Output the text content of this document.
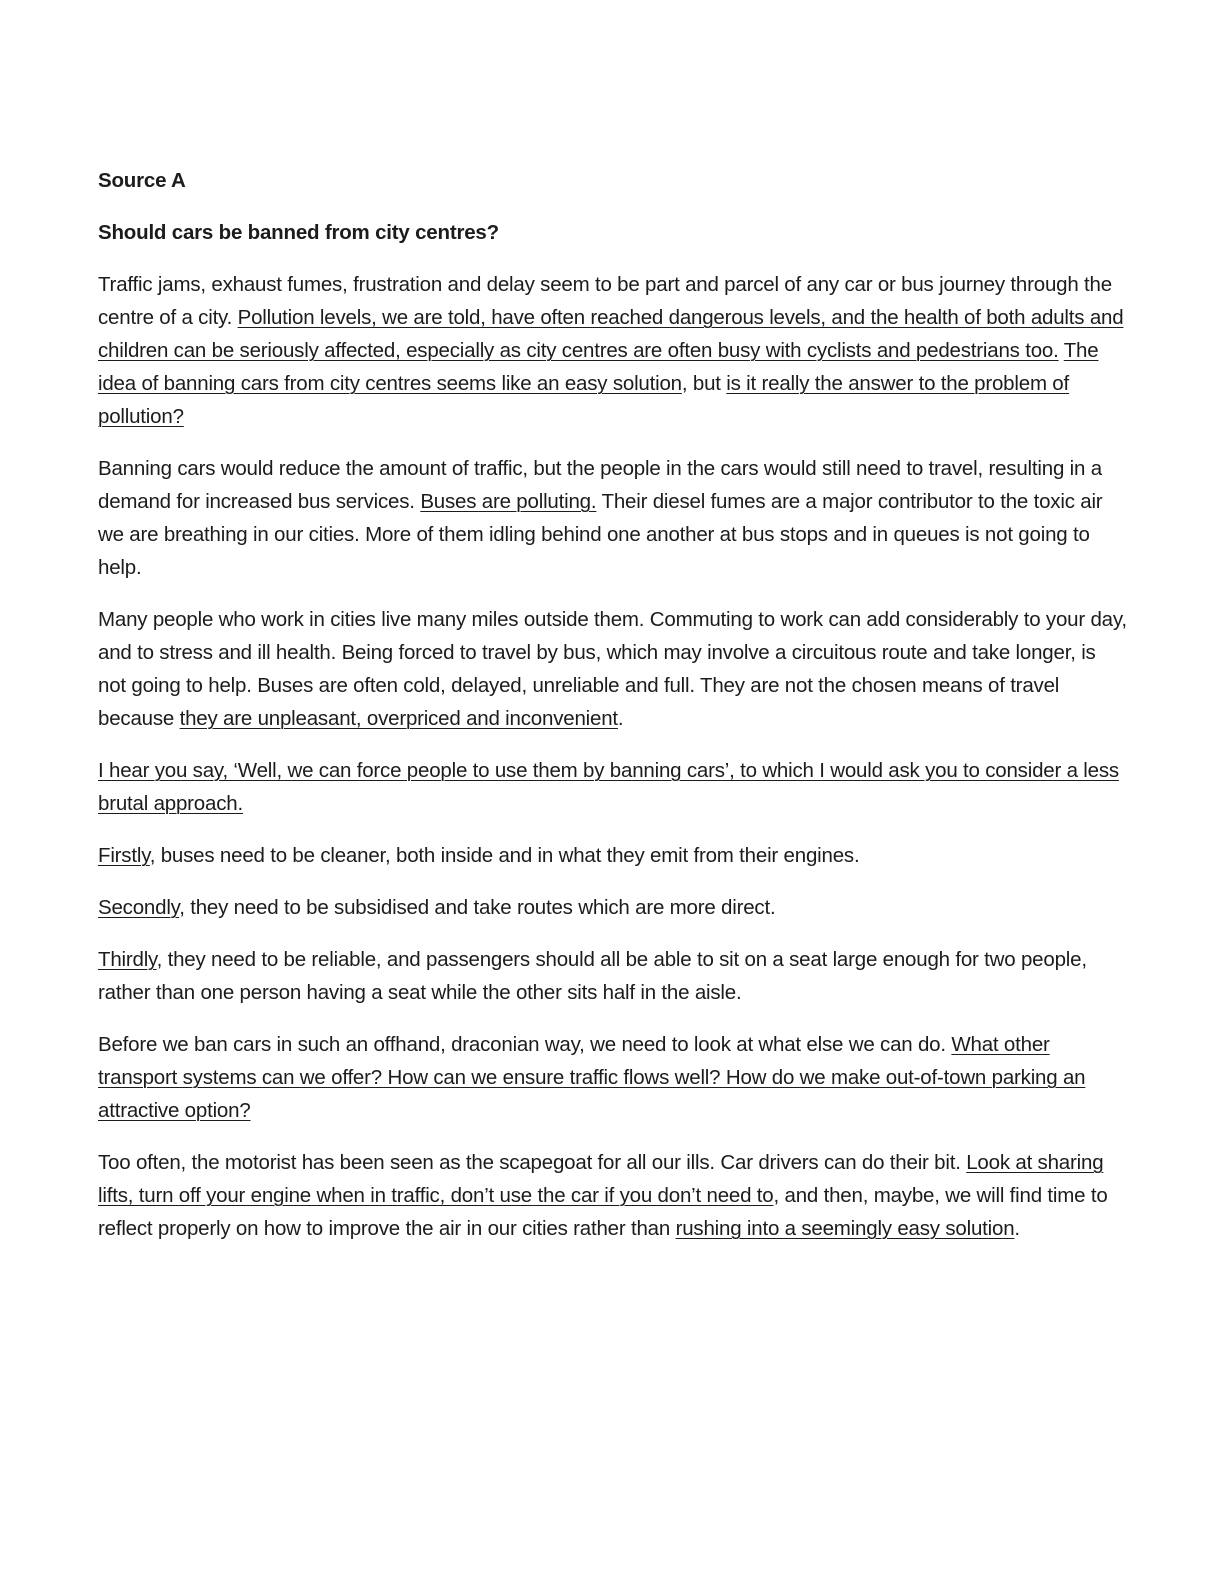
Source A
Should cars be banned from city centres?

Traffic jams, exhaust fumes, frustration and delay seem to be part and parcel of any car or bus journey through the centre of a city. Pollution levels, we are told, have often reached dangerous levels, and the health of both adults and children can be seriously affected, especially as city centres are often busy with cyclists and pedestrians too. The idea of banning cars from city centres seems like an easy solution, but is it really the answer to the problem of pollution?

Banning cars would reduce the amount of traffic, but the people in the cars would still need to travel, resulting in a demand for increased bus services. Buses are polluting. Their diesel fumes are a major contributor to the toxic air we are breathing in our cities. More of them idling behind one another at bus stops and in queues is not going to help.

Many people who work in cities live many miles outside them. Commuting to work can add considerably to your day, and to stress and ill health. Being forced to travel by bus, which may involve a circuitous route and take longer, is not going to help. Buses are often cold, delayed, unreliable and full. They are not the chosen means of travel because they are unpleasant, overpriced and inconvenient.

I hear you say, ‘Well, we can force people to use them by banning cars’, to which I would ask you to consider a less brutal approach.

Firstly, buses need to be cleaner, both inside and in what they emit from their engines.

Secondly, they need to be subsidised and take routes which are more direct.

Thirdly, they need to be reliable, and passengers should all be able to sit on a seat large enough for two people, rather than one person having a seat while the other sits half in the aisle.

Before we ban cars in such an offhand, draconian way, we need to look at what else we can do. What other transport systems can we offer? How can we ensure traffic flows well? How do we make out-of-town parking an attractive option?

Too often, the motorist has been seen as the scapegoat for all our ills. Car drivers can do their bit. Look at sharing lifts, turn off your engine when in traffic, don’t use the car if you don’t need to, and then, maybe, we will find time to reflect properly on how to improve the air in our cities rather than rushing into a seemingly easy solution.
